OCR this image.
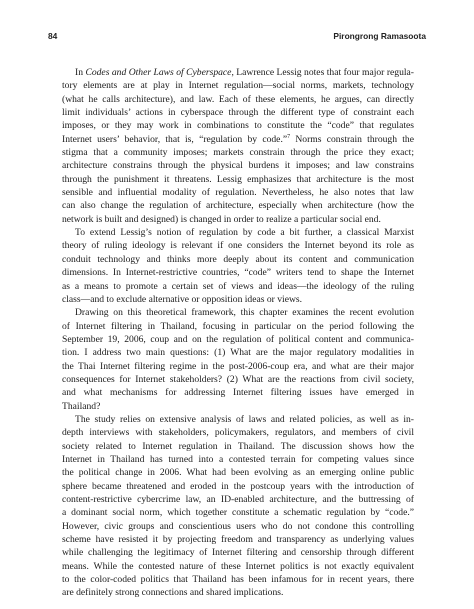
84	Pirongrong Ramasoota

In Codes and Other Laws of Cyberspace, Lawrence Lessig notes that four major regula-
tory elements are at play in Internet regulation—social norms, markets, technology
(what he calls architecture), and law. Each of these elements, he argues, can directly
limit individuals’ actions in cyberspace through the different type of constraint each
imposes, or they may work in combinations to constitute the “code” that regulates
Internet users’ behavior, that is, “regulation by code.”$^7$ Norms constrain through the
stigma that a community imposes; markets constrain through the price they exact;
architecture constrains through the physical burdens it imposes; and law constrains
through the punishment it threatens. Lessig emphasizes that architecture is the most
sensible and influential modality of regulation. Nevertheless, he also notes that law
can also change the regulation of architecture, especially when architecture (how the
network is built and designed) is changed in order to realize a particular social end.

To extend Lessig’s notion of regulation by code a bit further, a classical Marxist
theory of ruling ideology is relevant if one considers the Internet beyond its role as
conduit technology and thinks more deeply about its content and communication
dimensions. In Internet-restrictive countries, “code” writers tend to shape the Internet
as a means to promote a certain set of views and ideas—the ideology of the ruling
class—and to exclude alternative or opposition ideas or views.

Drawing on this theoretical framework, this chapter examines the recent evolution
of Internet filtering in Thailand, focusing in particular on the period following the
September 19, 2006, coup and on the regulation of political content and communica-
tion. I address two main questions: (1) What are the major regulatory modalities in
the Thai Internet filtering regime in the post-2006-coup era, and what are their major
consequences for Internet stakeholders? (2) What are the reactions from civil society,
and what mechanisms for addressing Internet filtering issues have emerged in
Thailand?

The study relies on extensive analysis of laws and related policies, as well as in-
depth interviews with stakeholders, policymakers, regulators, and members of civil
society related to Internet regulation in Thailand. The discussion shows how the
Internet in Thailand has turned into a contested terrain for competing values since
the political change in 2006. What had been evolving as an emerging online public
sphere became threatened and eroded in the postcoup years with the introduction of
content-restrictive cybercrime law, an ID-enabled architecture, and the buttressing of
a dominant social norm, which together constitute a schematic regulation by “code.”
However, civic groups and conscientious users who do not condone this controlling
scheme have resisted it by projecting freedom and transparency as underlying values
while challenging the legitimacy of Internet filtering and censorship through different
means. While the contested nature of these Internet politics is not exactly equivalent
to the color-coded politics that Thailand has been infamous for in recent years, there
are definitely strong connections and shared implications.
